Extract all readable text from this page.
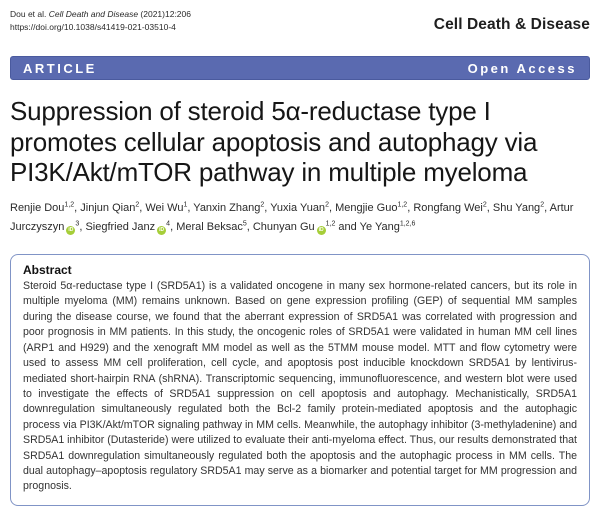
Dou et al. Cell Death and Disease (2021)12:206
https://doi.org/10.1038/s41419-021-03510-4	Cell Death & Disease
ARTICLE	Open Access
Suppression of steroid 5α-reductase type I promotes cellular apoptosis and autophagy via PI3K/Akt/mTOR pathway in multiple myeloma
Renjie Dou$^{1,2}$, Jinjun Qian$^2$, Wei Wu$^1$, Yanxin Zhang$^2$, Yuxia Yuan$^2$, Mengjie Guo$^{1,2}$, Rongfang Wei$^2$, Shu Yang$^2$, Artur Jurczyszyn $iD^3$, Siegfried Janz $iD^4$, Meral Beksac$^5$, Chunyan Gu iD$^{1,2}$ and Ye Yang$^{1,2,6}$
Abstract
Steroid 5α-reductase type I (SRD5A1) is a validated oncogene in many sex hormone-related cancers, but its role in multiple myeloma (MM) remains unknown. Based on gene expression profiling (GEP) of sequential MM samples during the disease course, we found that the aberrant expression of SRD5A1 was correlated with progression and poor prognosis in MM patients. In this study, the oncogenic roles of SRD5A1 were validated in human MM cell lines (ARP1 and H929) and the xenograft MM model as well as the 5TMM mouse model. MTT and flow cytometry were used to assess MM cell proliferation, cell cycle, and apoptosis post inducible knockdown SRD5A1 by lentivirus-mediated short-hairpin RNA (shRNA). Transcriptomic sequencing, immunofluorescence, and western blot were used to investigate the effects of SRD5A1 suppression on cell apoptosis and autophagy. Mechanistically, SRD5A1 downregulation simultaneously regulated both the Bcl-2 family protein-mediated apoptosis and the autophagic process via PI3K/Akt/mTOR signaling pathway in MM cells. Meanwhile, the autophagy inhibitor (3-methyladenine) and SRD5A1 inhibitor (Dutasteride) were utilized to evaluate their anti-myeloma effect. Thus, our results demonstrated that SRD5A1 downregulation simultaneously regulated both the apoptosis and the autophagic process in MM cells. The dual autophagy–apoptosis regulatory SRD5A1 may serve as a biomarker and potential target for MM progression and prognosis.
